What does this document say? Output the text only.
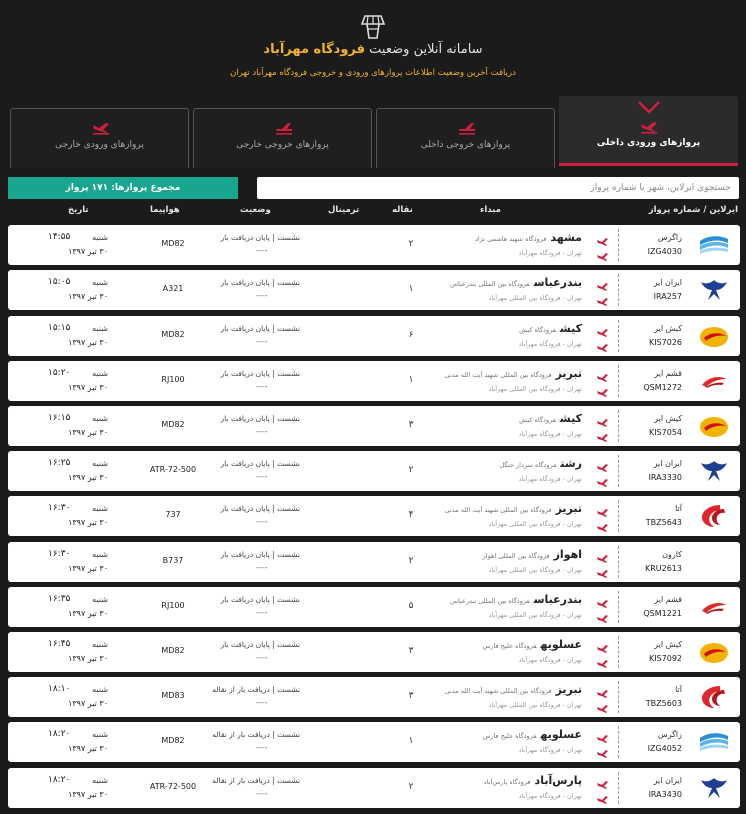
سامانه آنلاین وضعیت فرودگاه مهرآباد
دریافت آخرین وضعیت اطلاعات پروازهای ورودی و خروجی فرودگاه مهرآباد تهران
پروازهای ورودی داخلی
پروازهای خروجی داخلی
پروازهای خروجی خارجی
پروازهای ورودی خارجی
جستجوی ایرلاین، شهر یا شماره پرواز
مجموع پروازها: ۱۷۱ پرواز
ایرلاین / شماره پرواز
مبداء
نقاله
ترمینال
وضعیت
هواپیما
تاریخ
زاگرس
IZG4030
مشهدفرودگاه شهید هاشمی نژاد
تهران - فرودگاه مهرآباد
۲
نشست | پایان دریافت بار
----
MD82
شنبه
۱۴:۵۵
۳۰ تیر ۱۳۹۷
ایران ایر
IRA257
بندرعباسفرودگاه بین المللی بندرعباس
تهران - فرودگاه بین المللی مهرآباد
۱
نشست | پایان دریافت بار
----
A321
شنبه
۱۵:۰۵
۳۰ تیر ۱۳۹۷
کیش ایر
KIS7026
کیشفرودگاه کیش
تهران - فرودگاه مهرآباد
۶
نشست | پایان دریافت بار
----
MD82
شنبه
۱۵:۱۵
۳۰ تیر ۱۳۹۷
قشم ایر
QSM1272
تبریزفرودگاه بین المللی شهید آیت الله مدنی
تهران - فرودگاه بین المللی مهرآباد
۱
نشست | پایان دریافت بار
----
RJ100
شنبه
۱۵:۲۰
۳۰ تیر ۱۳۹۷
کیش ایر
KIS7054
کیشفرودگاه کیش
تهران - فرودگاه مهرآباد
۳
نشست | پایان دریافت بار
----
MD82
شنبه
۱۶:۱۵
۳۰ تیر ۱۳۹۷
ایران ایر
IRA3330
رشتفرودگاه سردار جنگل
تهران - فرودگاه مهرآباد
۲
نشست | پایان دریافت بار
----
ATR-72-500
شنبه
۱۶:۲۵
۳۰ تیر ۱۳۹۷
آتا
TBZ5643
تبریزفرودگاه بین المللی شهید آیت الله مدنی
تهران - فرودگاه بین المللی مهرآباد
۴
نشست | پایان دریافت بار
----
737
شنبه
۱۶:۳۰
۳۰ تیر ۱۳۹۷
کارون
KRU2613
اهوازفرودگاه بین المللی اهواز
تهران - فرودگاه بین المللی مهرآباد
۲
نشست | پایان دریافت بار
----
B737
شنبه
۱۶:۳۰
۳۰ تیر ۱۳۹۷
قشم ایر
QSM1221
بندرعباسفرودگاه بین المللی بندرعباس
تهران - فرودگاه بین المللی مهرآباد
۵
نشست | پایان دریافت بار
----
RJ100
شنبه
۱۶:۳۵
۳۰ تیر ۱۳۹۷
کیش ایر
KIS7092
عسلویهفرودگاه خلیج فارس
تهران - فرودگاه مهرآباد
۳
نشست | پایان دریافت بار
----
MD82
شنبه
۱۶:۴۵
۳۰ تیر ۱۳۹۷
آتا
TBZ5603
تبریزفرودگاه بین المللی شهید آیت الله مدنی
تهران - فرودگاه بین المللی مهرآباد
۳
نشست | دریافت بار از نقاله
----
MD83
شنبه
۱۸:۱۰
۳۰ تیر ۱۳۹۷
زاگرس
IZG4052
عسلویهفرودگاه خلیج فارس
تهران - فرودگاه مهرآباد
۱
نشست | دریافت بار از نقاله
----
MD82
شنبه
۱۸:۲۰
۳۰ تیر ۱۳۹۷
ایران ایر
IRA3430
پارس‌آبادفرودگاه پارس‌آباد
تهران - فرودگاه مهرآباد
۲
نشست | دریافت بار از نقاله
----
ATR-72-500
شنبه
۱۸:۲۰
۳۰ تیر ۱۳۹۷
